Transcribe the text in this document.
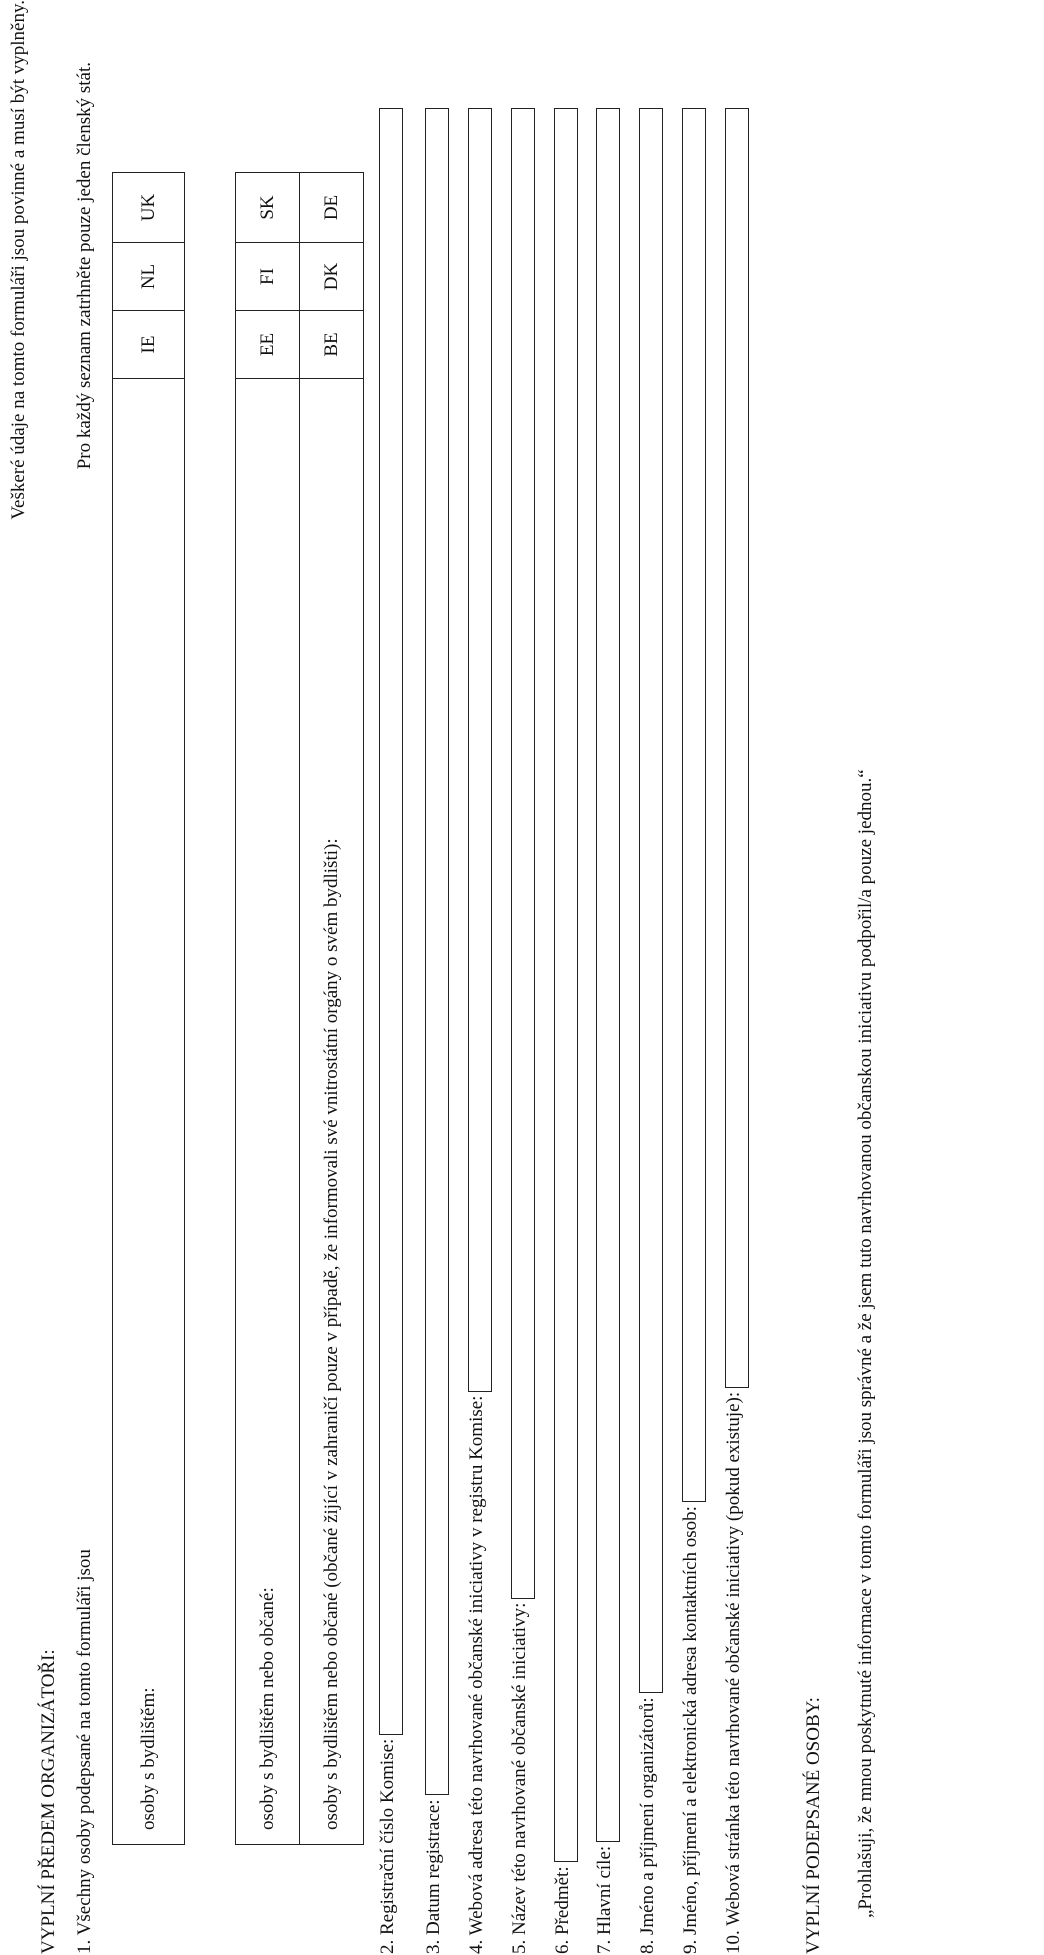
Veškeré údaje na tomto formuláři jsou povinné a musí být vyplněny.
VYPLNÍ PŘEDEM ORGANIZÁTOŘI: 1. Všechny osoby podepsané na tomto formuláři jsou
Pro každý seznam zatrhněte pouze jeden členský stát.
osoby s bydlištěm:	IE	NL	UK

osoby s bydlištěm nebo občané:	EE	FI	SK
osoby s bydlištěm nebo občané (občané žijící v zahraničí pouze v případě, že informovali své vnitrostátní orgány o svém bydlišti):	BE	DK	DE
2. Registrační číslo Komise: 3. Datum registrace: 4. Webová adresa této navrhované občanské iniciativy v registru Komise: 5. Název této navrhované občanské iniciativy: 6. Předmět: 7. Hlavní cíle: 8. Jméno a příjmení organizátorů: 9. Jméno, příjmení a elektronická adresa kontaktních osob: 10. Webová stránka této navrhované občanské iniciativy (pokud existuje):	VYPLNÍ PODEPSANÉ OSOBY: „Prohlašuji, že mnou poskytnuté informace v tomto formuláři jsou správné a že jsem tuto navrhovanou občanskou iniciativu podpořil/a pouze jednou.“
